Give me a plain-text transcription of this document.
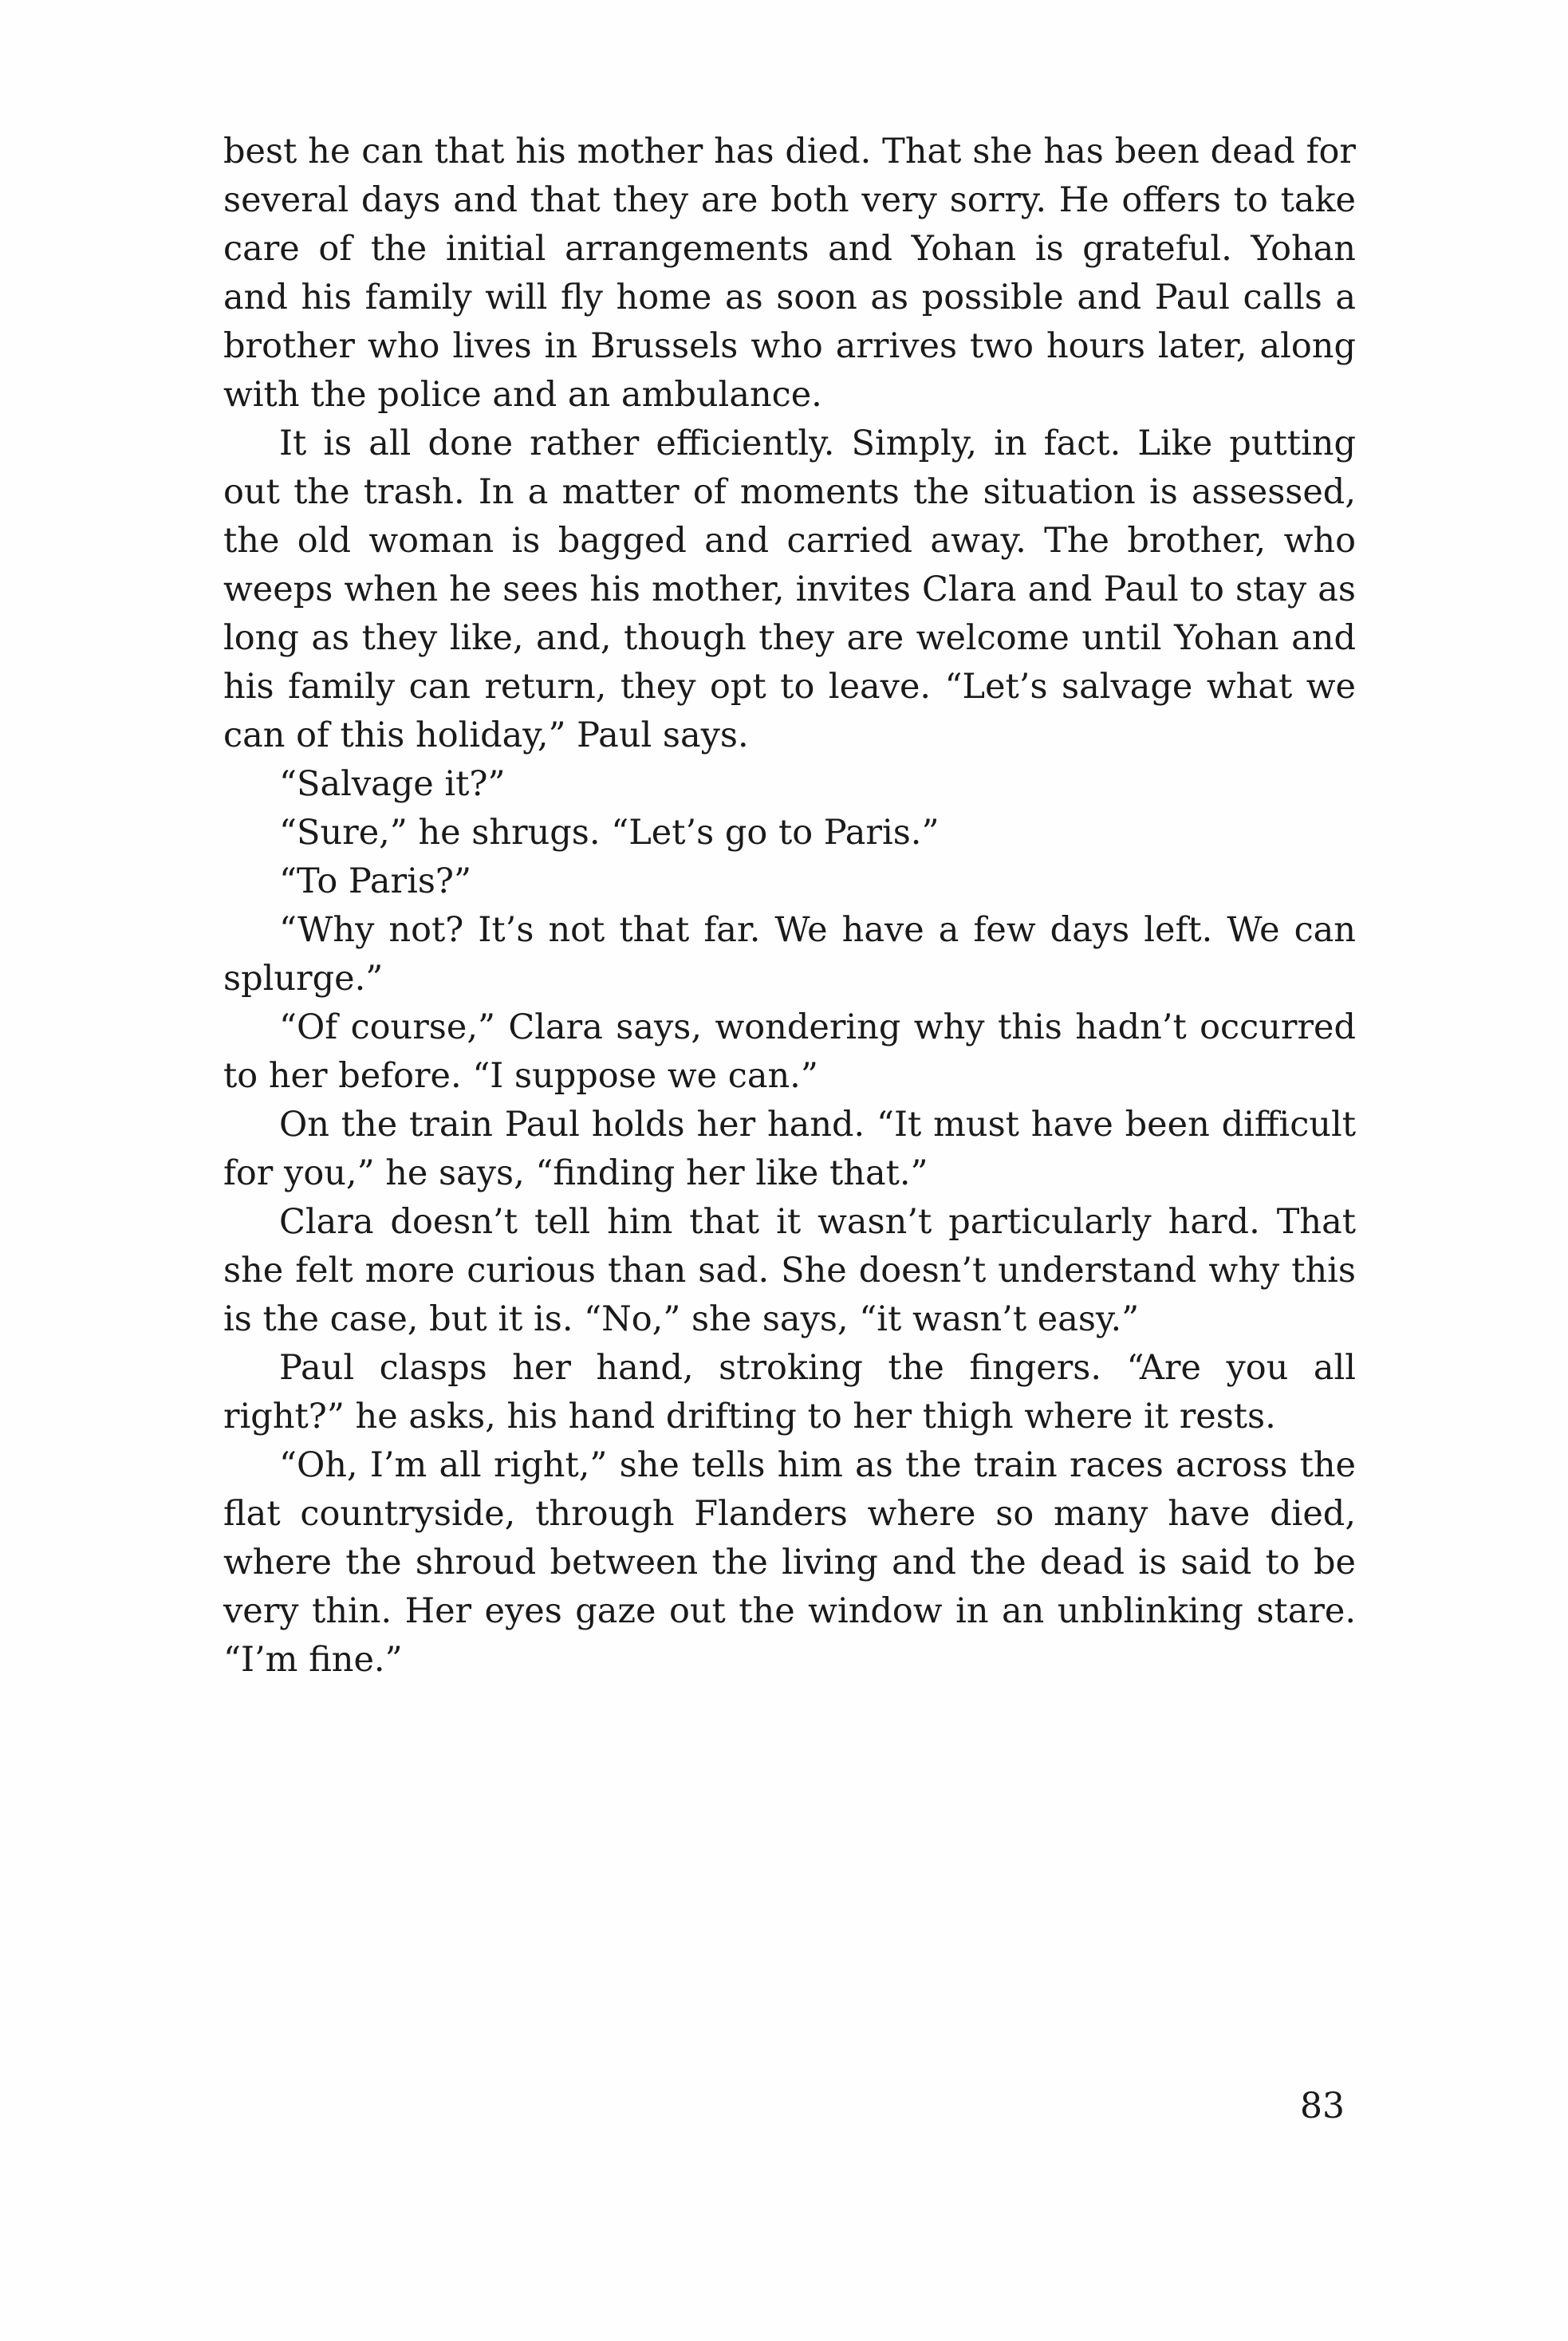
best he can that his mother has died. That she has been dead for several days and that they are both very sorry. He offers to take care of the initial arrangements and Yohan is grateful. Yohan and his family will fly home as soon as possible and Paul calls a brother who lives in Brussels who arrives two hours later, along with the police and an ambulance.

It is all done rather efficiently. Simply, in fact. Like putting out the trash. In a matter of moments the situation is assessed, the old woman is bagged and carried away. The brother, who weeps when he sees his mother, invites Clara and Paul to stay as long as they like, and, though they are welcome until Yohan and his family can return, they opt to leave. “Let’s salvage what we can of this holiday,” Paul says.

“Salvage it?”

“Sure,” he shrugs. “Let’s go to Paris.”

“To Paris?”

“Why not? It’s not that far. We have a few days left. We can splurge.”

“Of course,” Clara says, wondering why this hadn’t occurred to her before. “I suppose we can.”

On the train Paul holds her hand. “It must have been difficult for you,” he says, “finding her like that.”

Clara doesn’t tell him that it wasn’t particularly hard. That she felt more curious than sad. She doesn’t understand why this is the case, but it is. “No,” she says, “it wasn’t easy.”

Paul clasps her hand, stroking the fingers. “Are you all right?” he asks, his hand drifting to her thigh where it rests.

“Oh, I’m all right,” she tells him as the train races across the flat countryside, through Flanders where so many have died, where the shroud between the living and the dead is said to be very thin. Her eyes gaze out the window in an unblinking stare. “I’m fine.”

83
